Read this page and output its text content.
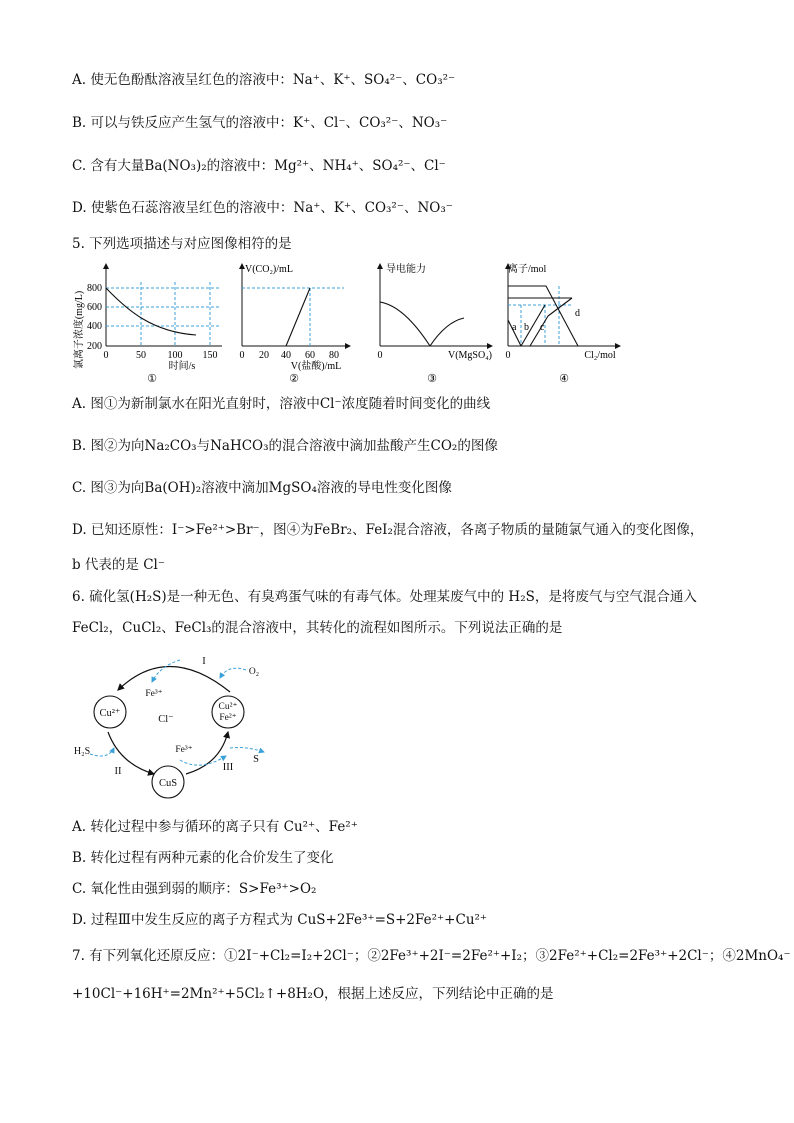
A. 使无色酚酞溶液呈红色的溶液中：Na⁺、K⁺、SO₄²⁻、CO₃²⁻
B. 可以与铁反应产生氢气的溶液中：K⁺、Cl⁻、CO₃²⁻、NO₃⁻
C. 含有大量Ba(NO₃)₂的溶液中：Mg²⁺、NH₄⁺、SO₄²⁻、Cl⁻
D. 使紫色石蕊溶液呈红色的溶液中：Na⁺、K⁺、CO₃²⁻、NO₃⁻
5. 下列选项描述与对应图像相符的是
氯离子浓度(mg/L)
800
600
400
200
0	50 100 150
时间/s
①
V(CO₂)/mL
0 20 40 60 80
V(盐酸)/mL
②
导电能力
0	V(MgSO₄)
③
离子/mol
a b c
d
0	Cl₂/mol
④
A. 图①为新制氯水在阳光直射时，溶液中Cl⁻浓度随着时间变化的曲线
B. 图②为向Na₂CO₃与NaHCO₃的混合溶液中滴加盐酸产生CO₂的图像
C. 图③为向Ba(OH)₂溶液中滴加MgSO₄溶液的导电性变化图像
D. 已知还原性：I⁻>Fe²⁺>Br⁻，图④为FeBr₂、FeI₂混合溶液，各离子物质的量随氯气通入的变化图像，
b 代表的是 Cl⁻
6. 硫化氢(H₂S)是一种无色、有臭鸡蛋气味的有毒气体。处理某废气中的 H₂S，是将废气与空气混合通入
FeCl₂，CuCl₂、FeCl₃的混合溶液中，其转化的流程如图所示。下列说法正确的是
Cu²⁺
Cu²⁺
Fe²⁺
CuS
Cl⁻
Fe³⁺
Fe³⁺
O₂
H₂S
S
I
II	III
A. 转化过程中参与循环的离子只有 Cu²⁺、Fe²⁺
B. 转化过程有两种元素的化合价发生了变化
C. 氧化性由强到弱的顺序：S>Fe³⁺>O₂
D. 过程Ⅲ中发生反应的离子方程式为 CuS+2Fe³⁺=S+2Fe²⁺+Cu²⁺
7. 有下列氧化还原反应：①2I⁻+Cl₂=I₂+2Cl⁻；②2Fe³⁺+2I⁻=2Fe²⁺+I₂；③2Fe²⁺+Cl₂=2Fe³⁺+2Cl⁻；④2MnO₄⁻
+10Cl⁻+16H⁺=2Mn²⁺+5Cl₂↑+8H₂O，根据上述反应，下列结论中正确的是
